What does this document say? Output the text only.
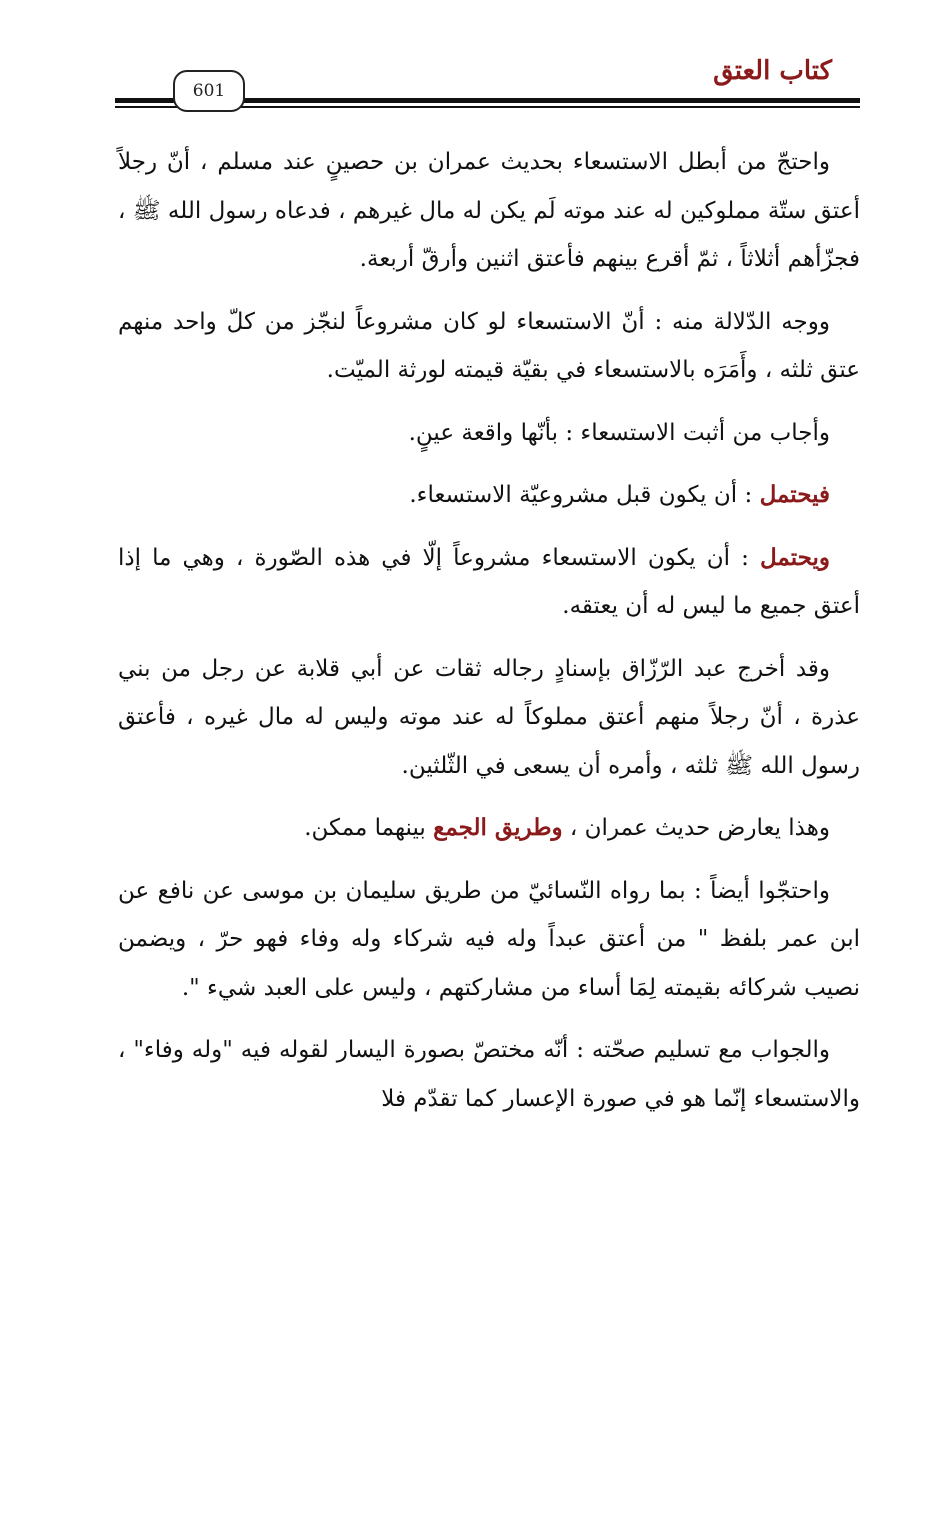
كتاب العتق
601

واحتجّ من أبطل الاستسعاء بحديث عمران بن حصينٍ عند مسلم ، أنّ رجلاً أعتق ستّة مملوكين له عند موته لَم يكن له مال غيرهم ، فدعاه رسول الله ﷺ ، فجزّأهم أثلاثاً ، ثمّ أقرع بينهم فأعتق اثنين وأرقّ أربعة.

ووجه الدّلالة منه : أنّ الاستسعاء لو كان مشروعاً لنجّز من كلّ واحد منهم عتق ثلثه ، وأَمَرَه بالاستسعاء في بقيّة قيمته لورثة الميّت.

وأجاب من أثبت الاستسعاء : بأنّها واقعة عينٍ.

فيحتمل : أن يكون قبل مشروعيّة الاستسعاء.

ويحتمل : أن يكون الاستسعاء مشروعاً إلّا في هذه الصّورة ، وهي ما إذا أعتق جميع ما ليس له أن يعتقه.

وقد أخرج عبد الرّزّاق بإسنادٍ رجاله ثقات عن أبي قلابة عن رجل من بني عذرة ، أنّ رجلاً منهم أعتق مملوكاً له عند موته وليس له مال غيره ، فأعتق رسول الله ﷺ ثلثه ، وأمره أن يسعى في الثّلثين.

وهذا يعارض حديث عمران ، وطريق الجمع بينهما ممكن.

واحتجّوا أيضاً : بما رواه النّسائيّ من طريق سليمان بن موسى عن نافع عن ابن عمر بلفظ " من أعتق عبداً وله فيه شركاء وله وفاء فهو حرّ ، ويضمن نصيب شركائه بقيمته لِمَا أساء من مشاركتهم ، وليس على العبد شيء ".

والجواب مع تسليم صحّته : أنّه مختصّ بصورة اليسار لقوله فيه "وله وفاء" ، والاستسعاء إنّما هو في صورة الإعسار كما تقدّم فلا
